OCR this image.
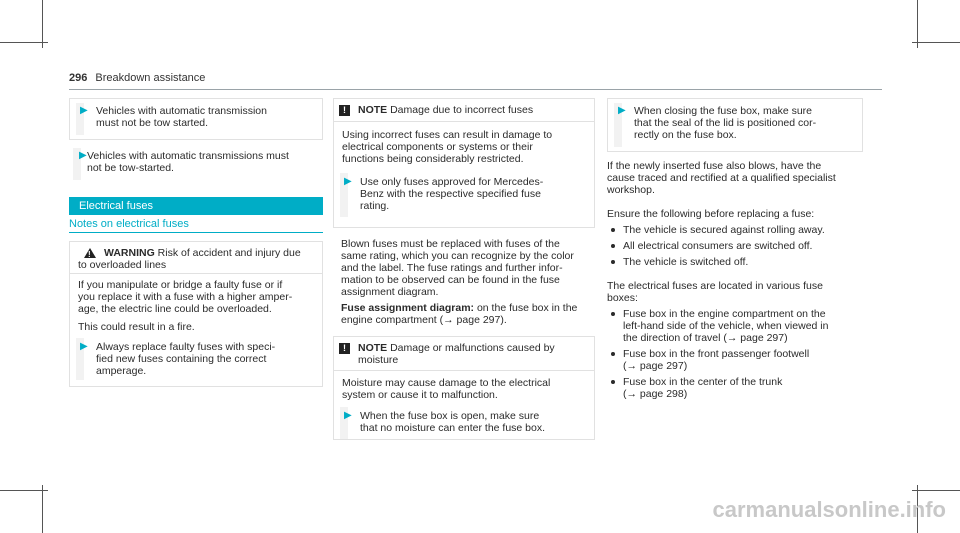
296 Breakdown assistance
▶ Vehicles with automatic transmission
must not be tow started.
▶ Vehicles with automatic transmissions must
not be tow-started.
Electrical fuses
Notes on electrical fuses
!
WARNING Risk of accident and injury due
to overloaded lines
If you manipulate or bridge a faulty fuse or if
you replace it with a fuse with a higher amper-
age, the electric line could be overloaded.
This could result in a fire.
▶ Always replace faulty fuses with speci-
fied new fuses containing the correct
amperage.
!	NOTE Damage due to incorrect fuses
Using incorrect fuses can result in damage to
electrical components or systems or their
functions being considerably restricted.
▶ Use only fuses approved for Mercedes-
Benz with the respective specified fuse
rating.
Blown fuses must be replaced with fuses of the
same rating, which you can recognize by the color
and the label. The fuse ratings and further infor-
mation to be observed can be found in the fuse
assignment diagram.
Fuse assignment diagram: on the fuse box in the
engine compartment (→ page 297).
!	NOTE Damage or malfunctions caused by
moisture
Moisture may cause damage to the electrical
system or cause it to malfunction.
▶ When the fuse box is open, make sure
that no moisture can enter the fuse box.
▶ When closing the fuse box, make sure
that the seal of the lid is positioned cor-
rectly on the fuse box.
If the newly inserted fuse also blows, have the
cause traced and rectified at a qualified specialist
workshop.
Ensure the following before replacing a fuse:
The vehicle is secured against rolling away.
All electrical consumers are switched off.
The vehicle is switched off.
The electrical fuses are located in various fuse
boxes:
Fuse box in the engine compartment on the
left-hand side of the vehicle, when viewed in
the direction of travel (→ page 297)
Fuse box in the front passenger footwell
(→ page 297)
Fuse box in the center of the trunk
(→ page 298)
carmanualsonline.info
